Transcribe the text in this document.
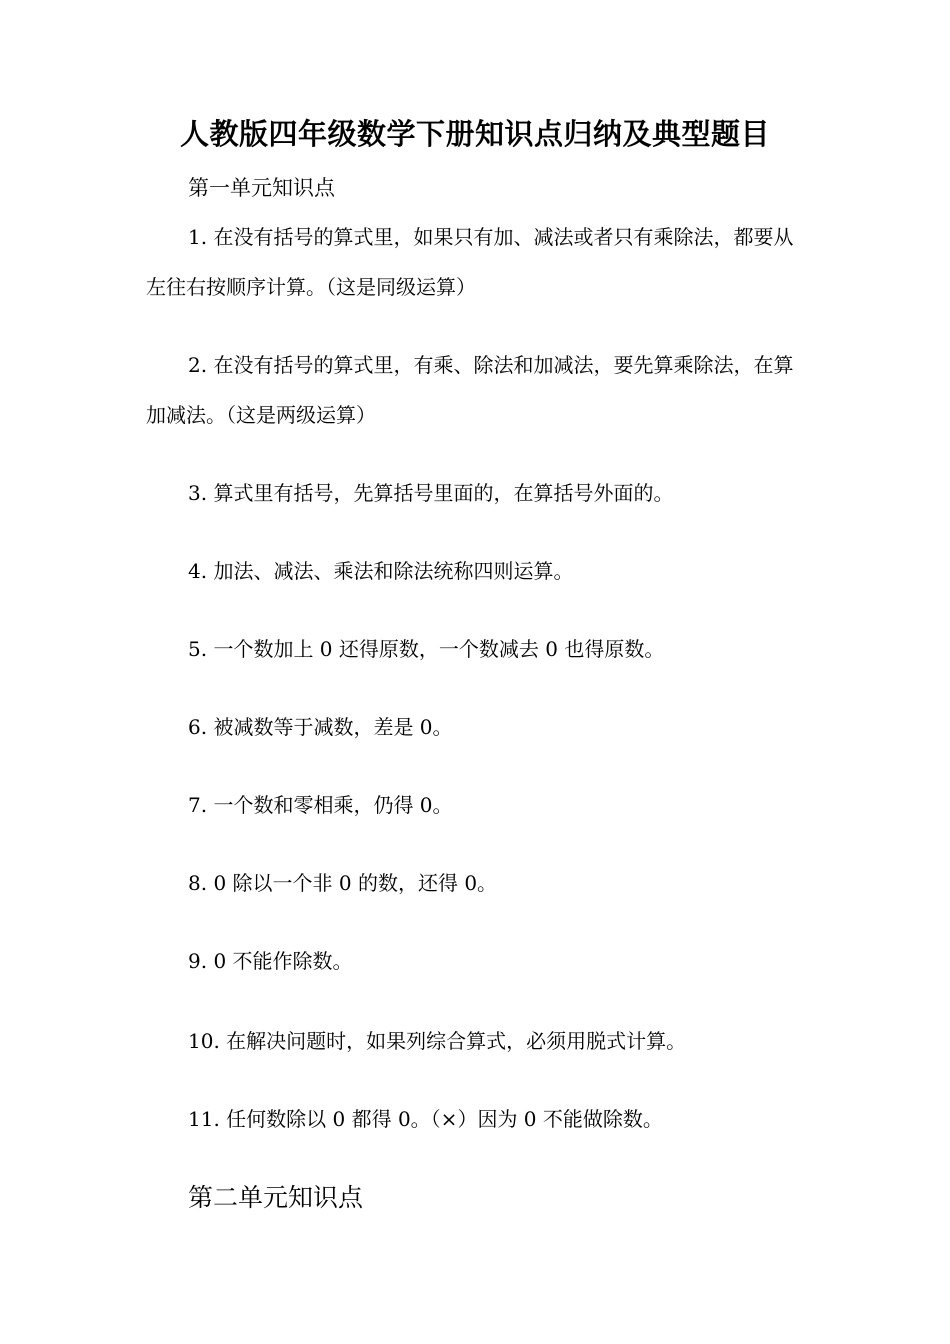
人教版四年级数学下册知识点归纳及典型题目
第一单元知识点

1. 在没有括号的算式里，如果只有加、减法或者只有乘除法，都要从左往右按顺序计算。（这是同级运算）

2. 在没有括号的算式里，有乘、除法和加减法，要先算乘除法，在算加减法。（这是两级运算）

3. 算式里有括号，先算括号里面的，在算括号外面的。

4. 加法、减法、乘法和除法统称四则运算。

5. 一个数加上 0 还得原数，一个数减去 0 也得原数。

6. 被减数等于减数，差是 0。

7. 一个数和零相乘，仍得 0。

8. 0 除以一个非 0 的数，还得 0。

9. 0 不能作除数。

10. 在解决问题时，如果列综合算式，必须用脱式计算。

11. 任何数除以 0 都得 0。（×）因为 0 不能做除数。

第二单元知识点
